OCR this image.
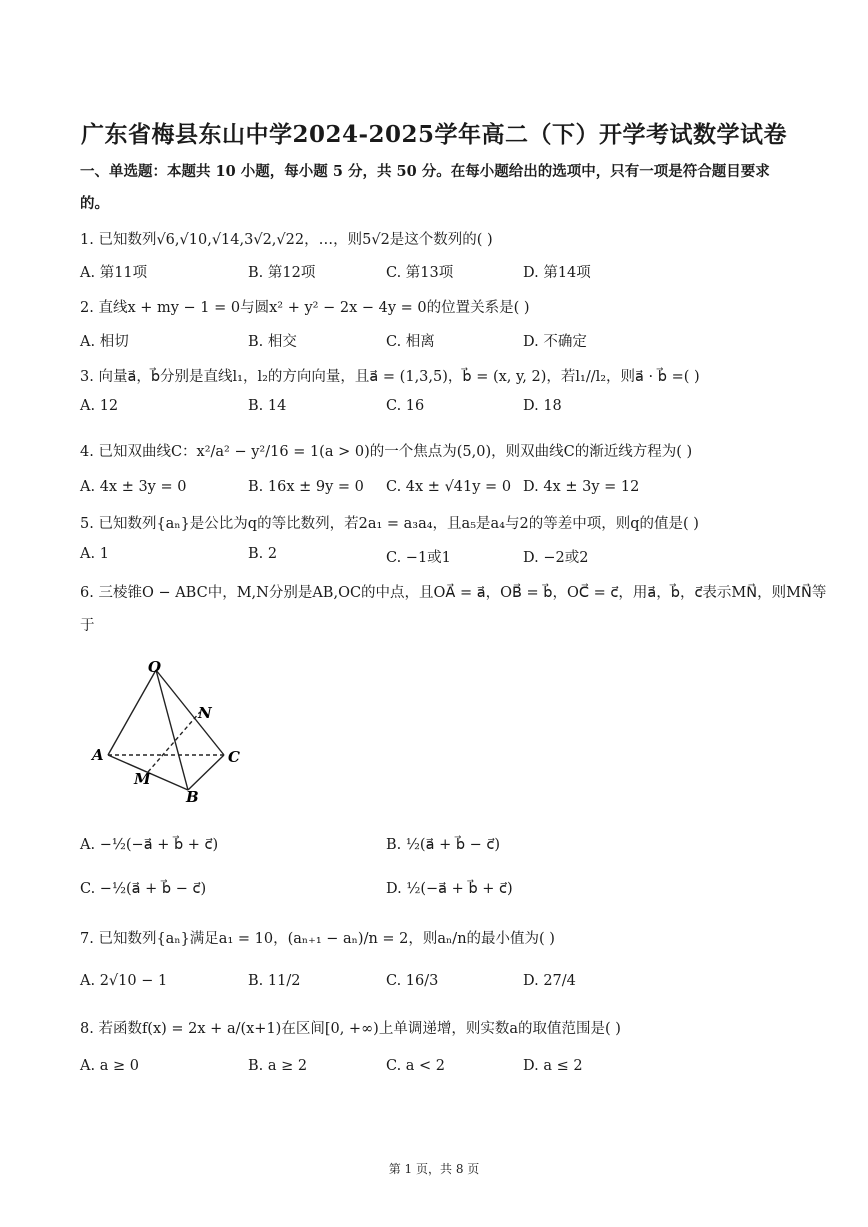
广东省梅县东山中学2024-2025学年高二（下）开学考试数学试卷
一、单选题：本题共 10 小题，每小题 5 分，共 50 分。在每小题给出的选项中，只有一项是符合题目要求的。
1. 已知数列√6,√10,√14,3√2,√22，…，则5√2是这个数列的( )
A. 第11项	B. 第12项	C. 第13项	D. 第14项
2. 直线x + my − 1 = 0与圆x² + y² − 2x − 4y = 0的位置关系是( )
A. 相切	B. 相交	C. 相离	D. 不确定
3. 向量a⃗，b⃗分别是直线l₁，l₂的方向向量，且a⃗ = (1,3,5)，b⃗ = (x, y, 2)，若l₁//l₂，则a⃗ · b⃗ =( )
A. 12	B. 14	C. 16	D. 18
4. 已知双曲线C：x²/a² − y²/16 = 1(a > 0)的一个焦点为(5,0)，则双曲线C的渐近线方程为( )
A. 4x ± 3y = 0	B. 16x ± 9y = 0 C. 4x ± √41y = 0 D. 4x ± 3y = 12
5. 已知数列{aₙ}是公比为q的等比数列，若2a₁ = a₃a₄，且a₅是a₄与2的等差中项，则q的值是( )
A. 1	B. 2	C. −1或1	D. −2或2
6. 三棱锥O − ABC中，M,N分别是AB,OC的中点，且OA⃗ = a⃗，OB⃗ = b⃗，OC⃗ = c⃗，用a⃗，b⃗，c⃗表示MN⃗，则MN⃗等
于
O
N
A	C
M
B
A. −½(−a⃗ + b⃗ + c⃗)	B. ½(a⃗ + b⃗ − c⃗)
C. −½(a⃗ + b⃗ − c⃗)	D. ½(−a⃗ + b⃗ + c⃗)
7. 已知数列{aₙ}满足a₁ = 10，(aₙ₊₁ − aₙ)/n = 2，则aₙ/n的最小值为( )
A. 2√10 − 1	B. 11/2	C. 16/3	D. 27/4
8. 若函数f(x) = 2x + a/(x+1)在区间[0, +∞)上单调递增，则实数a的取值范围是( )
A. a ≥ 0	B. a ≥ 2	C. a < 2	D. a ≤ 2
第 1 页，共 8 页
